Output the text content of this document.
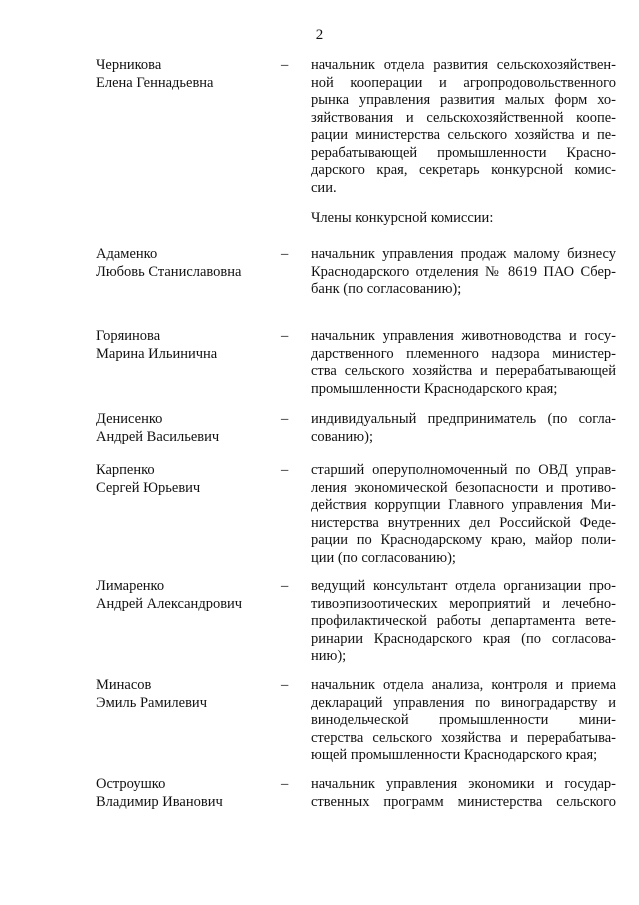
2
Черникова
Елена Геннадьевна
– начальник отдела развития сельскохозяйствен-
ной кооперации и агропродовольственного
рынка управления развития малых форм хо-
зяйствования и сельскохозяйственной коопе-
рации министерства сельского хозяйства и пе-
рерабатывающей промышленности Красно-
дарского края, секретарь конкурсной комис-
сии.
Члены конкурсной комиссии:
Адаменко
Любовь Станиславовна
– начальник управления продаж малому бизнесу
Краснодарского отделения № 8619 ПАО Сбер-
банк (по согласованию);
Горяинова
Марина Ильинична
– начальник управления животноводства и госу-
дарственного племенного надзора министер-
ства сельского хозяйства и перерабатывающей
промышленности Краснодарского края;
Денисенко
Андрей Васильевич
– индивидуальный предприниматель (по согла-
сованию);
Карпенко
Сергей Юрьевич
– старший оперуполномоченный по ОВД управ-
ления экономической безопасности и противо-
действия коррупции Главного управления Ми-
нистерства внутренних дел Российской Феде-
рации по Краснодарскому краю, майор поли-
ции (по согласованию);
Лимаренко
Андрей Александрович
– ведущий консультант отдела организации про-
тивоэпизоотических мероприятий и лечебно-
профилактической работы департамента вете-
ринарии Краснодарского края (по согласова-
нию);
Минасов
Эмиль Рамилевич
– начальник отдела анализа, контроля и приема
деклараций управления по виноградарству и
винодельческой промышленности мини-
стерства сельского хозяйства и перерабатыва-
ющей промышленности Краснодарского края;
Остроушко
Владимир Иванович
– начальник управления экономики и государ-
ственных программ министерства сельского
